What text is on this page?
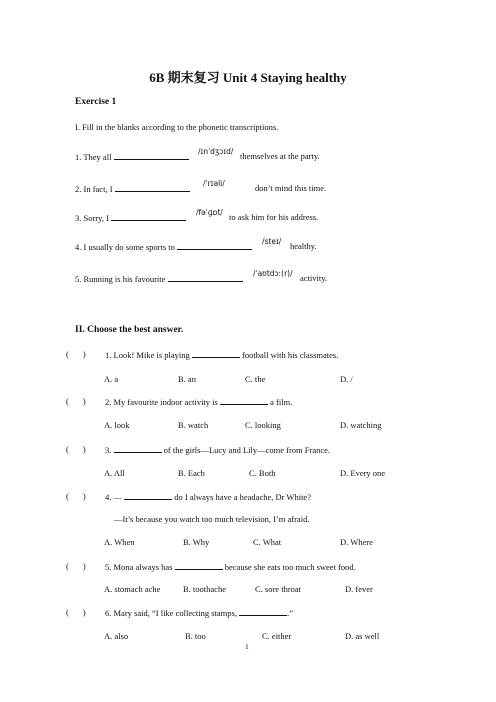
6B 期末复习 Unit 4 Staying healthy
Exercise 1
I. Fill in the blanks according to the phonetic transcriptions.
1. They all
/ɪnˈdʒɔɪd/ themselves at the party.
2. In fact, I
/ˈrɪəli/	don’t mind this time.
3. Sorry, I
/fəˈɡɒt/ to ask him for his address.
4. I usually do some sports to
/steɪ/ healthy.
5. Running is his favourite
/ˈaʊtdɔː(r)/ activity.
II. Choose the best answer.
( ) 1. Look! Mike is playing	football with his classmates.
A. a	B. an	C. the	D. /
( ) 2. My favourite indoor activity is	a film.
A. look	B. watch	C. looking	D. watching
( ) 3.	of the girls—Lucy and Lily—come from France.
A. All	B. Each	C. Both	D. Every one
( ) 4. —	do I always have a headache, Dr White?
—It’s because you watch too much television, I’m afraid.
A. When	B. Why	C. What	D. Where
( ) 5. Mona always has	because she eats too much sweet food.
A. stomach ache	B. toothache	C. sore throat	D. fever
( ) 6. Mary said, “I like collecting stamps,	.”
A. also	B. too	C. either	D. as well
1
